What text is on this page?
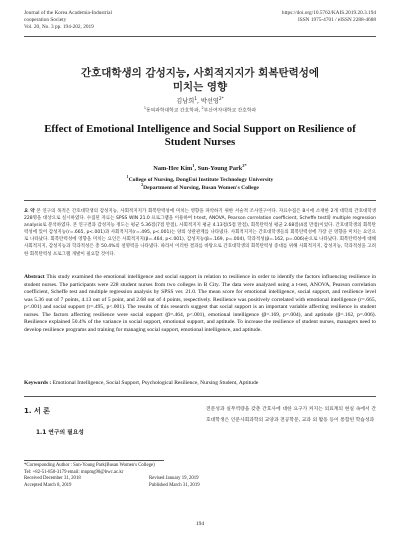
Journal of the Korea Academia-Industrial
cooperation Society
Vol. 20, No. 3 pp. 194-202, 2019
https://doi.org/10.5762/KAIS.2019.20.3.194
ISSN 1975-4701 / eISSN 2288-4688
간호대학생의 감성지능, 사회적지지가 회복탄력성에
미치는 영향
김남희$^1$, 박선영$^{2*}$
$^1$동의과학대학교 간호학과, $^2$부산여자대학교 간호학과
Effect of Emotional Intelligence and Social Support on Resilience of
Student Nurses
Nam-Hee Kim$^1$, Sun-Young Park$^{2*}$
$^1$College of Nursing, DongEui Institute Technology University
$^2$Department of Nursing, Busan Women's College
요 약 본 연구의 목적은 간호대학생의 감성지능, 사회적지지가 회복탄력성에 미치는 영향을 파악하기 위한 서술적 조사연구이다. 자료수집은 B시에 소재한 2개 대학의 간호대학생 228명을 대상으로 실시하였다. 수집된 자료는 SPSS WIN 21.0 프로그램을 이용하여 t-test, ANOVA, Pearson correlation coefficient, Scheffe test와 multiple regression analysis로 분석하였다. 본 연구결과 감성지능 정도는 평균 5.36점(7점 만점), 사회적지지 평균 4.13점(5점 만점), 회복탄력성 평균 2.68점(4점 만점)이었다. 간호대학생의 회복탄력성에 있어 감성지능(r=.665, p<.001)과 사회적지지(r=.495, p<.001)는 양의 상관관계를 나타냈다. 사회적지지는 간호대학생들의 회복탄력성에 가장 큰 영향을 미치는 요인으로 나타났다. 회복탄력성에 영향을 미치는 요인은 사회적지지(β=.464, p<.001), 감성지능(β=.169, p=.004), 학과적성(β=.162, p=.006)순으로 나타났다. 회복탄력성에 대해 사회적지지, 감성지능과 학과적성은 총 50.4%의 설명력을 나타냈다. 따라서 이러한 결과를 바탕으로 간호대학생의 회복탄력성 증대를 위해 사회적지지, 감성지능, 학과적성을 고려한 회복탄력성 프로그램 개발이 필요할 것이다.
Abstract This study examined the emotional intelligence and social support in relation to resilience in order to identify the factors influencing resilience in student nurses. The participants were 228 student nurses from two colleges in B City. The data were analyzed using a t-test, ANOVA, Pearson correlation coefficient, Scheffe test and multiple regression analysis by SPSS ver. 21.0. The mean score for emotional intelligence, social support, and resilience level was 5.36 out of 7 points, 4.13 out of 5 point, and 2.68 out of 4 points, respectively. Resilience was positively correlated with emotional intelligence (r=.665, p<.001) and social support (r=.495, p<.001). The results of this research suggest that social support is an important variable affecting resilience in student nurses. The factors affecting resilience were social support (β=.464, p<.001), emotional intelligence (β=.169, p=.004), and aptitude (β=.162, p=.006). Resilience explained 50.4% of the variance in social support, emotional support, and aptitude. To increase the resilience of student nurses, managers need to develop resilience programs and training for managing social support, emotional intelligence, and aptitude.
Keywords : Emotional Intelligence, Social Support, Psychological Resilience, Nursing Student, Aptitude
1. 서 론
1.1 연구의 필요성
전문성과 실무역량을 갖춘 간호사에 대한 요구가 커지는 의료계의 현실 속에서 간호대학생은 인문사회과학의 교양과 전공학문, 교과 외 활동 등이 통합된 학습성과
*Corresponding Author : Sun-Young Park(Busan Women's College)
Tel: +82-51-850-3179 email: mnpmg90@bwc.ac.kr
Received December 31, 2018	Revised January 19, 2019
Accepted March 8, 2019	Published March 31, 2019
194
